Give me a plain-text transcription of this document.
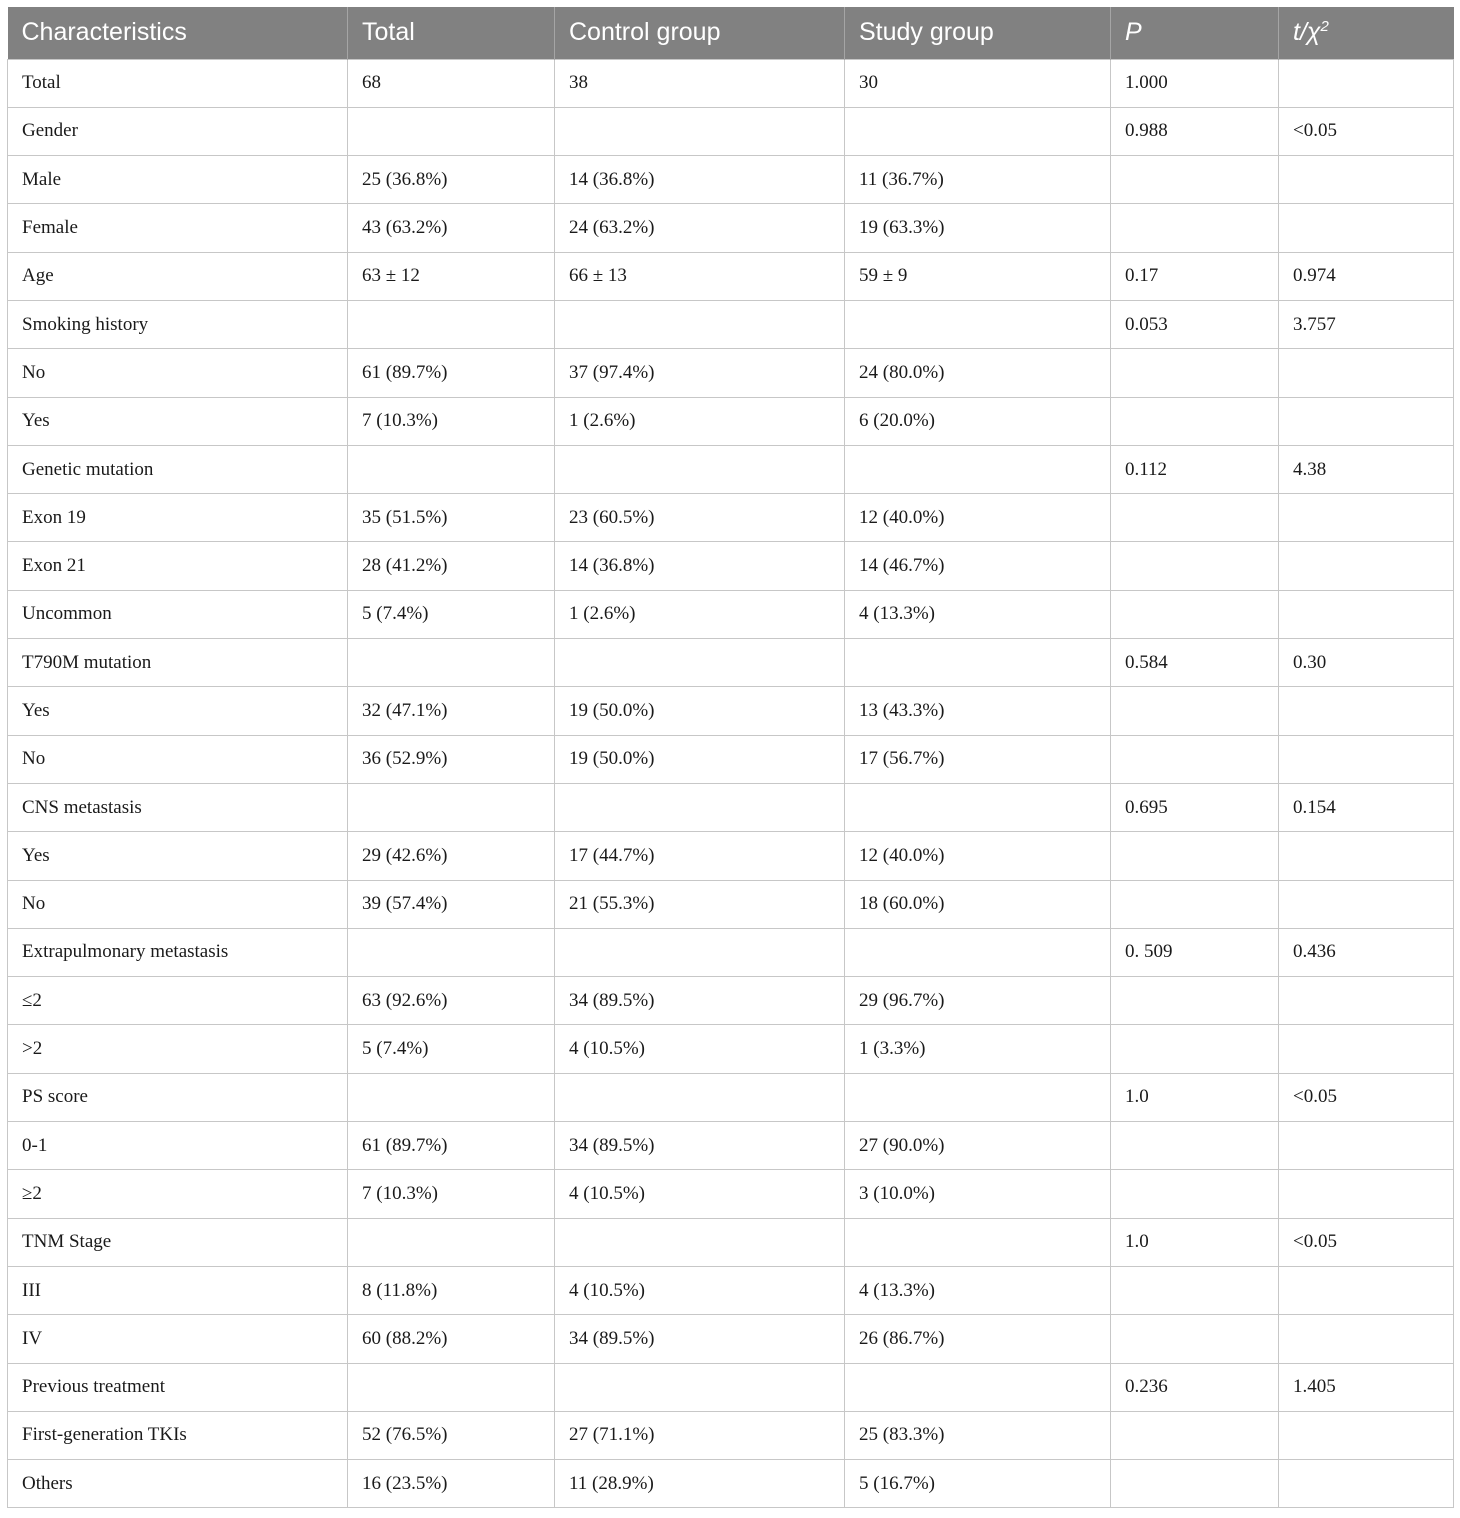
Characteristics	Total	Control group	Study group	P	$t/\chi^2$
Total	68	38	30	1.000	
Gender				0.988	<0.05
Male	25 (36.8%)	14 (36.8%)	11 (36.7%)		
Female	43 (63.2%)	24 (63.2%)	19 (63.3%)		
Age	63 ± 12	66 ± 13	59 ± 9	0.17	0.974
Smoking history				0.053	3.757
No	61 (89.7%)	37 (97.4%)	24 (80.0%)		
Yes	7 (10.3%)	1 (2.6%)	6 (20.0%)		
Genetic mutation				0.112	4.38
Exon 19	35 (51.5%)	23 (60.5%)	12 (40.0%)		
Exon 21	28 (41.2%)	14 (36.8%)	14 (46.7%)		
Uncommon	5 (7.4%)	1 (2.6%)	4 (13.3%)		
T790M mutation				0.584	0.30
Yes	32 (47.1%)	19 (50.0%)	13 (43.3%)		
No	36 (52.9%)	19 (50.0%)	17 (56.7%)		
CNS metastasis				0.695	0.154
Yes	29 (42.6%)	17 (44.7%)	12 (40.0%)		
No	39 (57.4%)	21 (55.3%)	18 (60.0%)		
Extrapulmonary metastasis				0. 509	0.436
≤2	63 (92.6%)	34 (89.5%)	29 (96.7%)		
>2	5 (7.4%)	4 (10.5%)	1 (3.3%)		
PS score				1.0	<0.05
0-1	61 (89.7%)	34 (89.5%)	27 (90.0%)		
≥2	7 (10.3%)	4 (10.5%)	3 (10.0%)		
TNM Stage				1.0	<0.05
III	8 (11.8%)	4 (10.5%)	4 (13.3%)		
IV	60 (88.2%)	34 (89.5%)	26 (86.7%)		
Previous treatment				0.236	1.405
First-generation TKIs	52 (76.5%)	27 (71.1%)	25 (83.3%)		
Others	16 (23.5%)	11 (28.9%)	5 (16.7%)		
